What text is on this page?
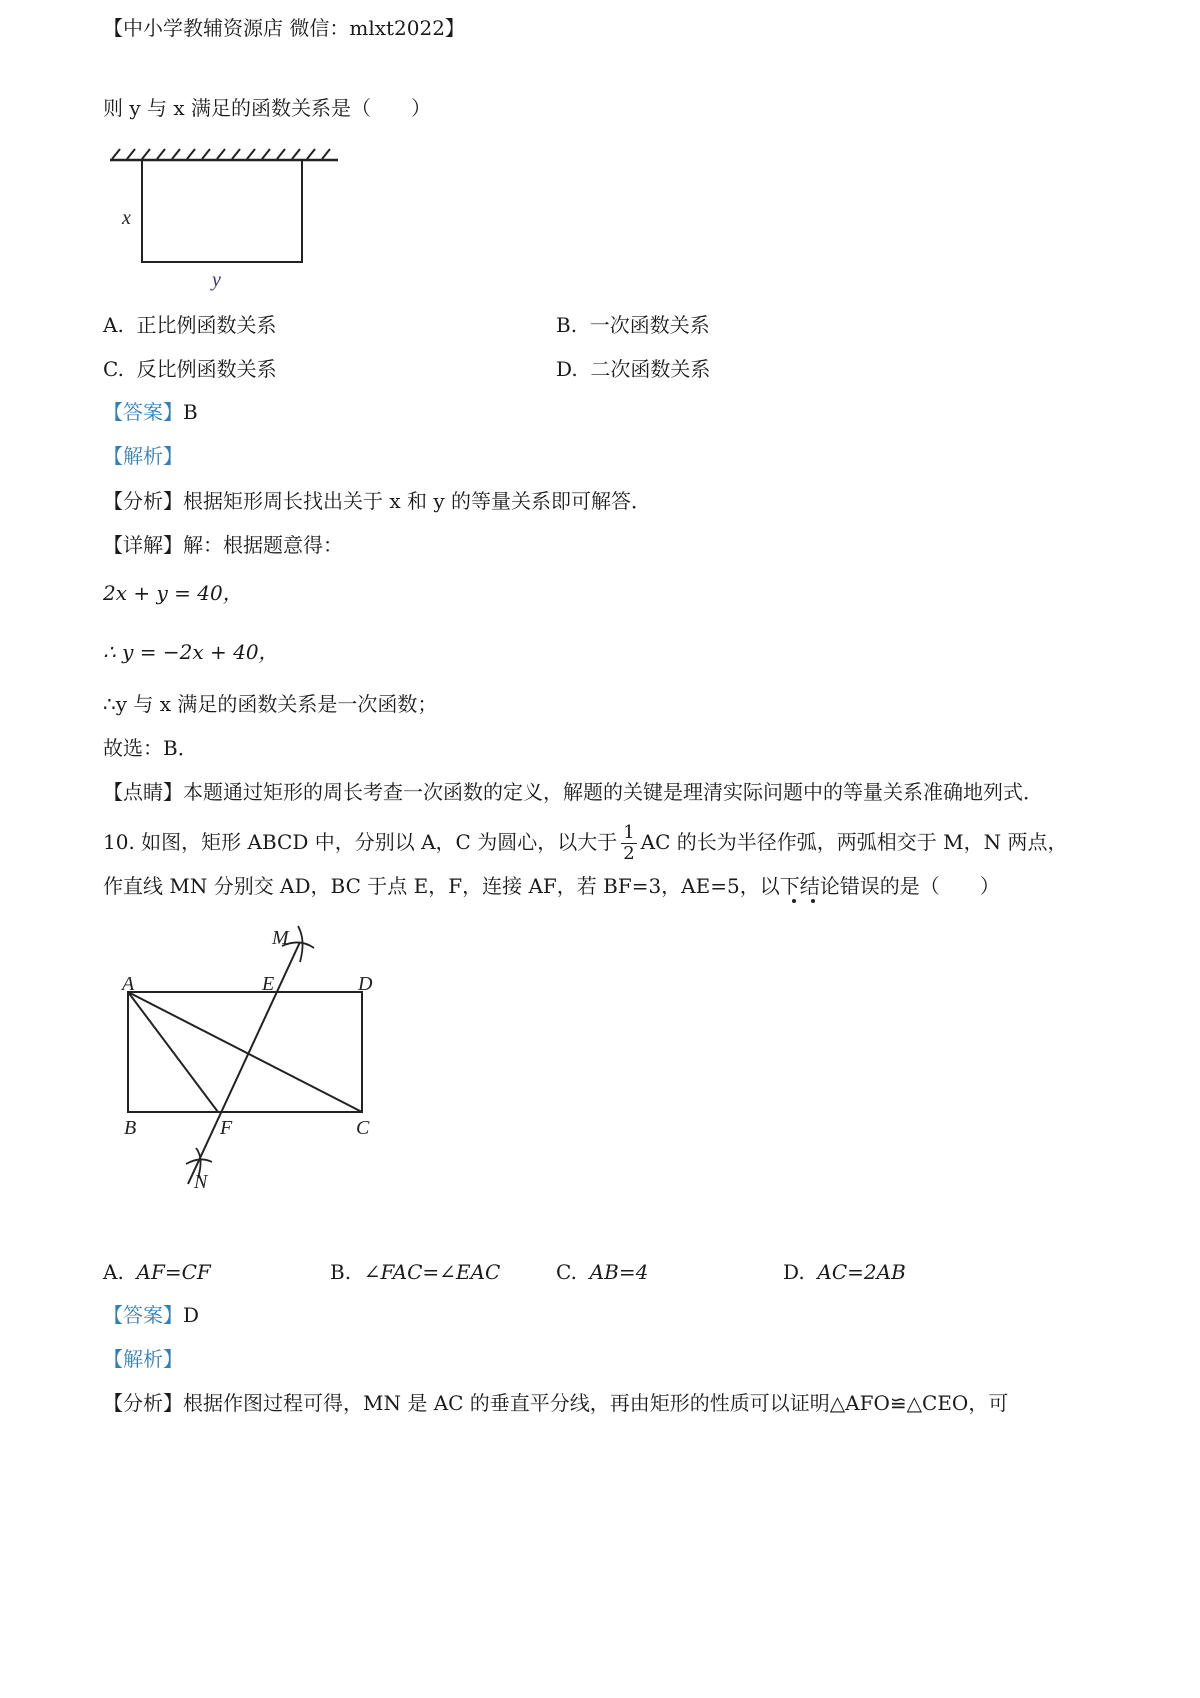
【中小学教辅资源店 微信：mlxt2022】
则 y 与 x 满足的函数关系是（　　）
x
y
A. 正比例函数关系	B. 一次函数关系
C. 反比例函数关系	D. 二次函数关系
【答案】B
【解析】
【分析】根据矩形周长找出关于 x 和 y 的等量关系即可解答．
【详解】解：根据题意得：
2x + y = 40，
∴ y = −2x + 40，
∴y 与 x 满足的函数关系是一次函数；
故选：B．
【点睛】本题通过矩形的周长考查一次函数的定义，解题的关键是理清实际问题中的等量关系准确地列式．
10. 如图，矩形 ABCD 中，分别以 A，C 为圆心，以大于 $\frac{1}{2}$ AC 的长为半径作弧，两弧相交于 M，N 两点，
作直线 MN 分别交 AD，BC 于点 E，F，连接 AF，若 BF=3，AE=5，以下结论错误的是（　　）
M
A	E	D
B	F	C
N
A. AF=CF	B. ∠FAC=∠EAC	C. AB=4	D. AC=2AB
【答案】D
【解析】
【分析】根据作图过程可得，MN 是 AC 的垂直平分线，再由矩形的性质可以证明△AFO≌△CEO，可
